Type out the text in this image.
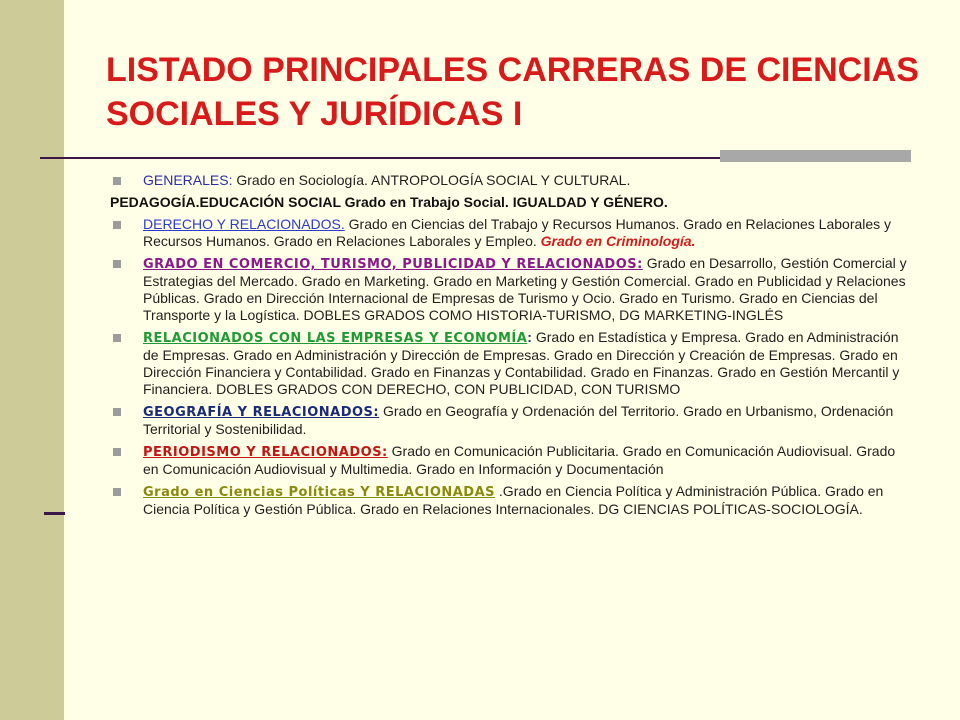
LISTADO PRINCIPALES CARRERAS DE CIENCIAS SOCIALES Y JURÍDICAS I
GENERALES: Grado en Sociología. ANTROPOLOGÍA SOCIAL Y CULTURAL.
PEDAGOGÍA.EDUCACIÓN SOCIAL Grado en Trabajo Social. IGUALDAD Y GÉNERO.
DERECHO Y RELACIONADOS. Grado en Ciencias del Trabajo y Recursos Humanos. Grado en Relaciones Laborales y Recursos Humanos. Grado en Relaciones Laborales y Empleo. Grado en Criminología.
GRADO EN COMERCIO, TURISMO, PUBLICIDAD Y RELACIONADOS: Grado en Desarrollo, Gestión Comercial y Estrategias del Mercado. Grado en Marketing. Grado en Marketing y Gestión Comercial. Grado en Publicidad y Relaciones Públicas. Grado en Dirección Internacional de Empresas de Turismo y Ocio. Grado en Turismo. Grado en Ciencias del Transporte y la Logística. DOBLES GRADOS COMO HISTORIA-TURISMO, DG MARKETING-INGLÉS
RELACIONADOS CON LAS EMPRESAS Y ECONOMÍA: Grado en Estadística y Empresa. Grado en Administración de Empresas. Grado en Administración y Dirección de Empresas. Grado en Dirección y Creación de Empresas. Grado en Dirección Financiera y Contabilidad. Grado en Finanzas y Contabilidad. Grado en Finanzas. Grado en Gestión Mercantil y Financiera. DOBLES GRADOS CON DERECHO, CON PUBLICIDAD, CON TURISMO
GEOGRAFÍA Y RELACIONADOS: Grado en Geografía y Ordenación del Territorio. Grado en Urbanismo, Ordenación Territorial y Sostenibilidad.
PERIODISMO Y RELACIONADOS: Grado en Comunicación Publicitaria. Grado en Comunicación Audiovisual. Grado en Comunicación Audiovisual y Multimedia. Grado en Información y Documentación
Grado en Ciencias Políticas Y RELACIONADAS .Grado en Ciencia Política y Administración Pública. Grado en Ciencia Política y Gestión Pública. Grado en Relaciones Internacionales. DG CIENCIAS POLÍTICAS-SOCIOLOGÍA.
